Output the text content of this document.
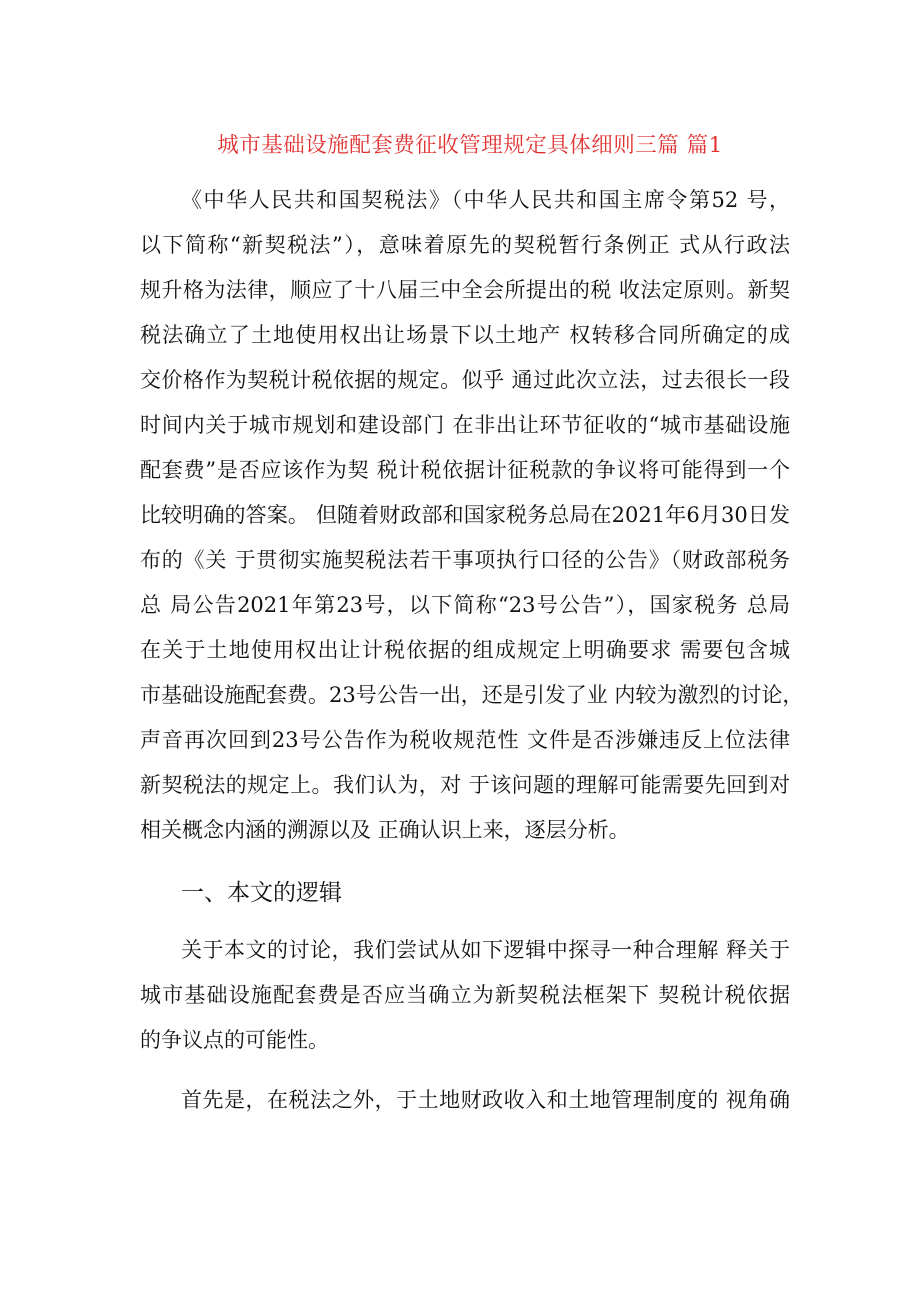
城市基础设施配套费征收管理规定具体细则三篇 篇1
《中华人民共和国契税法》（中华人民共和国主席令第52 号，
以下简称“新契税法”），意味着原先的契税暂行条例正 式从行政法
规升格为法律，顺应了十八届三中全会所提出的税 收法定原则。新契
税法确立了土地使用权出让场景下以土地产 权转移合同所确定的成
交价格作为契税计税依据的规定。似乎 通过此次立法，过去很长一段
时间内关于城市规划和建设部门 在非出让环节征收的“城市基础设施
配套费”是否应该作为契 税计税依据计征税款的争议将可能得到一个
比较明确的答案。 但随着财政部和国家税务总局在2021年6月30日发
布的《关 于贯彻实施契税法若干事项执行口径的公告》（财政部税务
总 局公告2021年第23号，以下简称“23号公告”），国家税务 总局
在关于土地使用权出让计税依据的组成规定上明确要求 需要包含城
市基础设施配套费。23号公告一出，还是引发了业 内较为激烈的讨论，
声音再次回到23号公告作为税收规范性 文件是否涉嫌违反上位法律
新契税法的规定上。我们认为，对 于该问题的理解可能需要先回到对
相关概念内涵的溯源以及 正确认识上来，逐层分析。
一、本文的逻辑
关于本文的讨论，我们尝试从如下逻辑中探寻一种合理解 释关于
城市基础设施配套费是否应当确立为新契税法框架下 契税计税依据
的争议点的可能性。
首先是，在税法之外，于土地财政收入和土地管理制度的 视角确
